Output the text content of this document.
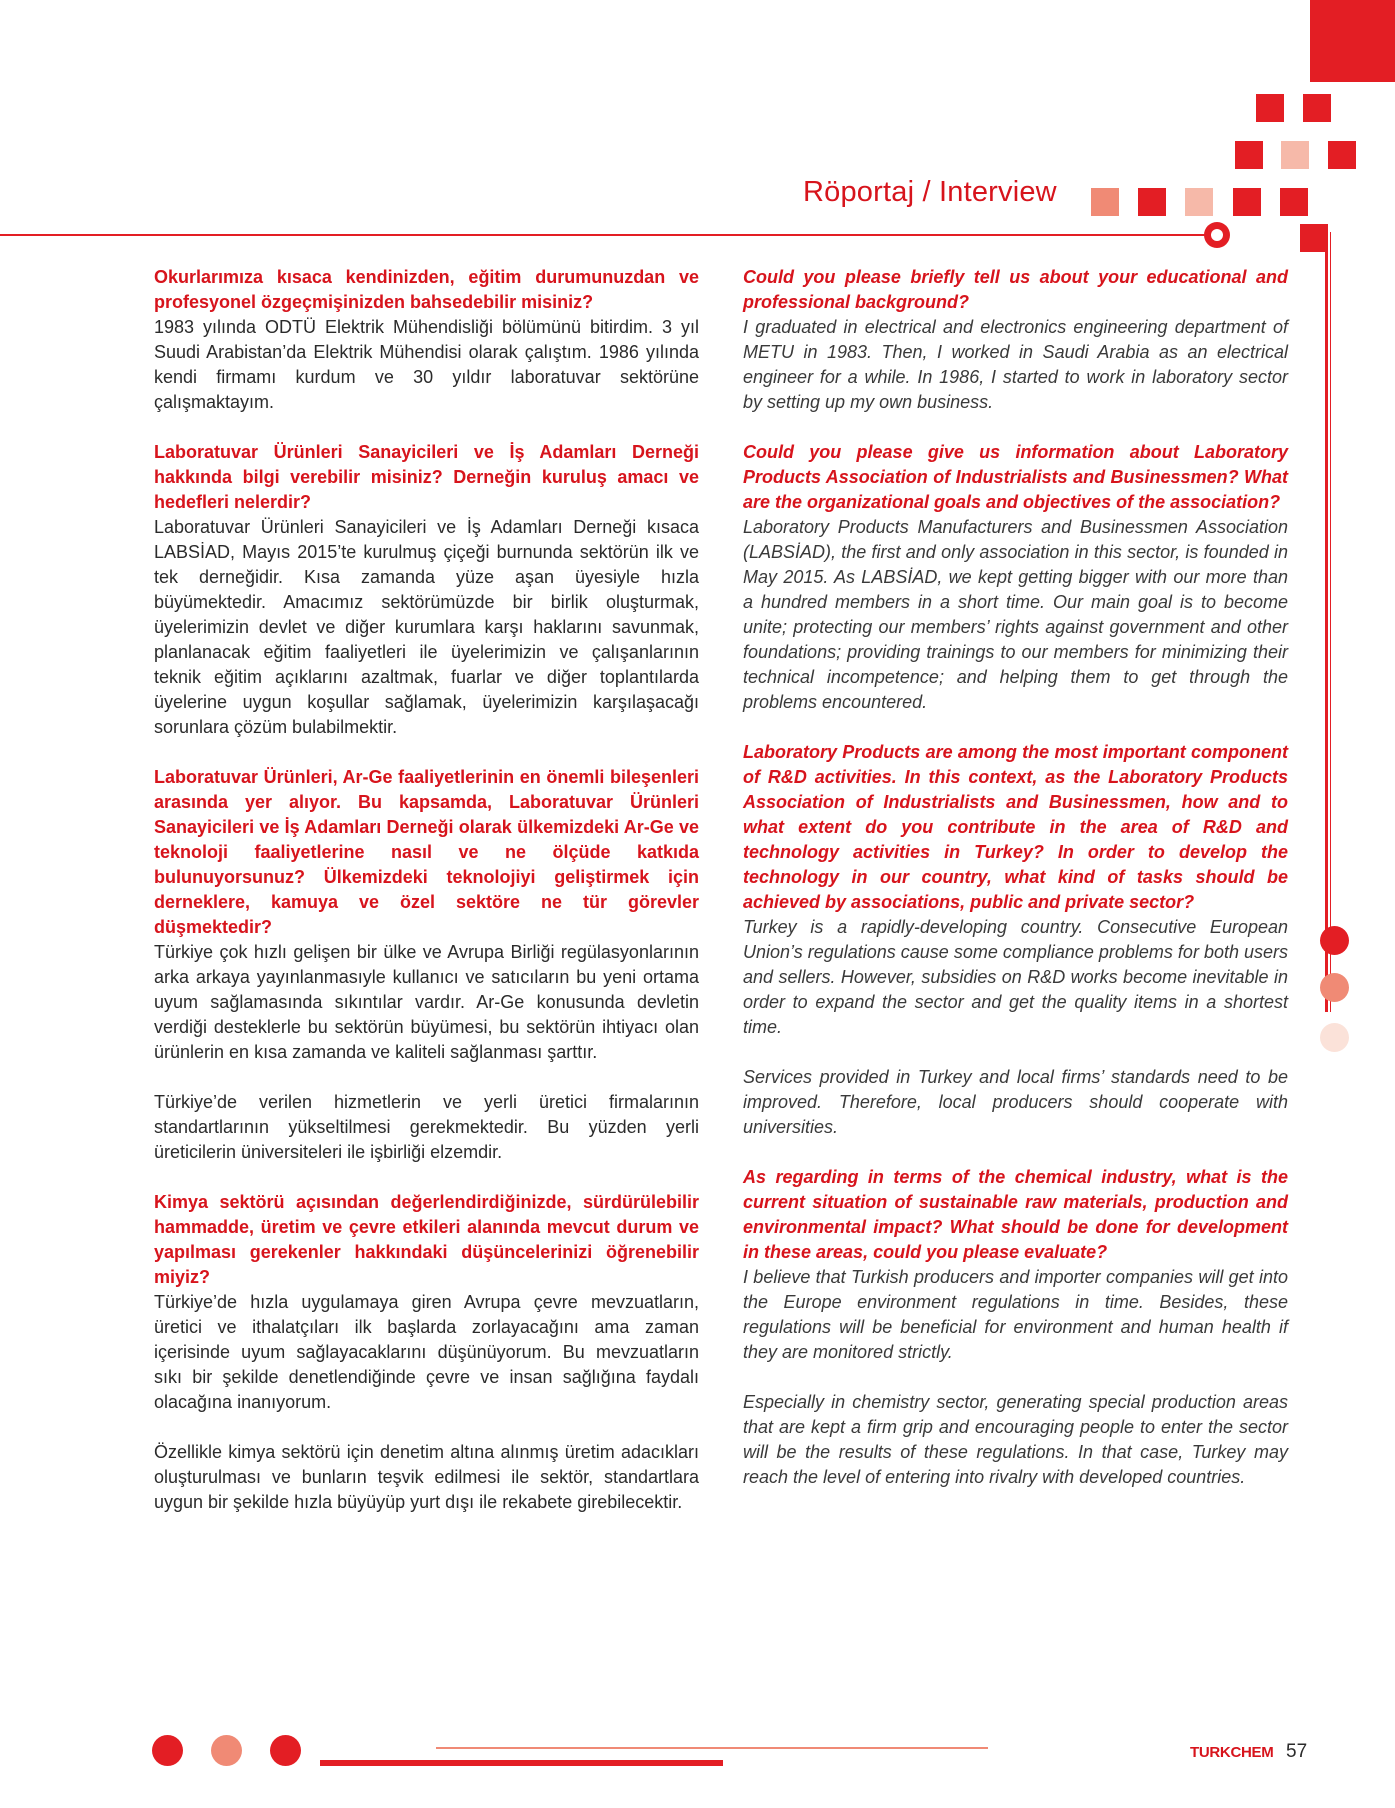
Röportaj / Interview
Okurlarımıza kısaca kendinizden, eğitim durumunuzdan ve profesyonel özgeçmişinizden bahsedebilir misiniz?

1983 yılında ODTÜ Elektrik Mühendisliği bölümünü bitirdim. 3 yıl Suudi Arabistan’da Elektrik Mühendisi olarak çalıştım. 1986 yılında kendi firmamı kurdum ve 30 yıldır laboratuvar sektörüne çalışmaktayım.

Laboratuvar Ürünleri Sanayicileri ve İş Adamları Derneği hakkında bilgi verebilir misiniz? Derneğin kuruluş amacı ve hedefleri nelerdir?

Laboratuvar Ürünleri Sanayicileri ve İş Adamları Derneği kısaca LABSİAD, Mayıs 2015’te kurulmuş çiçeği burnunda sektörün ilk ve tek derneğidir. Kısa zamanda yüze aşan üyesiyle hızla büyümektedir. Amacımız sektörümüzde bir birlik oluşturmak, üyelerimizin devlet ve diğer kurumlara karşı haklarını savunmak, planlanacak eğitim faaliyetleri ile üyelerimizin ve çalışanlarının teknik eğitim açıklarını azaltmak, fuarlar ve diğer toplantılarda üyelerine uygun koşullar sağlamak, üyelerimizin karşılaşacağı sorunlara çözüm bulabilmektir.

Laboratuvar Ürünleri, Ar-Ge faaliyetlerinin en önemli bileşenleri arasında yer alıyor. Bu kapsamda, Laboratuvar Ürünleri Sanayicileri ve İş Adamları Derneği olarak ülkemizdeki Ar-Ge ve teknoloji faaliyetlerine nasıl ve ne ölçüde katkıda bulunuyorsunuz? Ülkemizdeki teknolojiyi geliştirmek için derneklere, kamuya ve özel sektöre ne tür görevler düşmektedir?

Türkiye çok hızlı gelişen bir ülke ve Avrupa Birliği regülasyonlarının arka arkaya yayınlanmasıyle kullanıcı ve satıcıların bu yeni ortama uyum sağlamasında sıkıntılar vardır. Ar-Ge konusunda devletin verdiği desteklerle bu sektörün büyümesi, bu sektörün ihtiyacı olan ürünlerin en kısa zamanda ve kaliteli sağlanması şarttır.

Türkiye’de verilen hizmetlerin ve yerli üretici firmalarının standartlarının yükseltilmesi gerekmektedir. Bu yüzden yerli üreticilerin üniversiteleri ile işbirliği elzemdir.

Kimya sektörü açısından değerlendirdiğinizde, sürdürülebilir hammadde, üretim ve çevre etkileri alanında mevcut durum ve yapılması gerekenler hakkındaki düşüncelerinizi öğrenebilir miyiz?

Türkiye’de hızla uygulamaya giren Avrupa çevre mevzuatların, üretici ve ithalatçıları ilk başlarda zorlayacağını ama zaman içerisinde uyum sağlayacaklarını düşünüyorum. Bu mevzuatların sıkı bir şekilde denetlendiğinde çevre ve insan sağlığına faydalı olacağına inanıyorum.

Özellikle kimya sektörü için denetim altına alınmış üretim adacıkları oluşturulması ve bunların teşvik edilmesi ile sektör, standartlara uygun bir şekilde hızla büyüyüp yurt dışı ile rekabete girebilecektir.

Could you please briefly tell us about your educational and professional background?

I graduated in electrical and electronics engineering department of METU in 1983. Then, I worked in Saudi Arabia as an electrical engineer for a while. In 1986, I started to work in laboratory sector by setting up my own business.

Could you please give us information about Laboratory Products Association of Industrialists and Businessmen? What are the organizational goals and objectives of the association?

Laboratory Products Manufacturers and Businessmen Association (LABSİAD), the first and only association in this sector, is founded in May 2015. As LABSİAD, we kept getting bigger with our more than a hundred members in a short time. Our main goal is to become unite; protecting our members’ rights against government and other foundations; providing trainings to our members for minimizing their technical incompetence; and helping them to get through the problems encountered.

Laboratory Products are among the most important component of R&D activities. In this context, as the Laboratory Products Association of Industrialists and Businessmen, how and to what extent do you contribute in the area of R&D and technology activities in Turkey? In order to develop the technology in our country, what kind of tasks should be achieved by associations, public and private sector?

Turkey is a rapidly-developing country. Consecutive European Union’s regulations cause some compliance problems for both users and sellers. However, subsidies on R&D works become inevitable in order to expand the sector and get the quality items in a shortest time.

Services provided in Turkey and local firms’ standards need to be improved. Therefore, local producers should cooperate with universities.

As regarding in terms of the chemical industry, what is the current situation of sustainable raw materials, production and environmental impact? What should be done for development in these areas, could you please evaluate?

I believe that Turkish producers and importer companies will get into the Europe environment regulations in time. Besides, these regulations will be beneficial for environment and human health if they are monitored strictly.

Especially in chemistry sector, generating special production areas that are kept a firm grip and encouraging people to enter the sector will be the results of these regulations. In that case, Turkey may reach the level of entering into rivalry with developed countries.

TURKCHEM 57
